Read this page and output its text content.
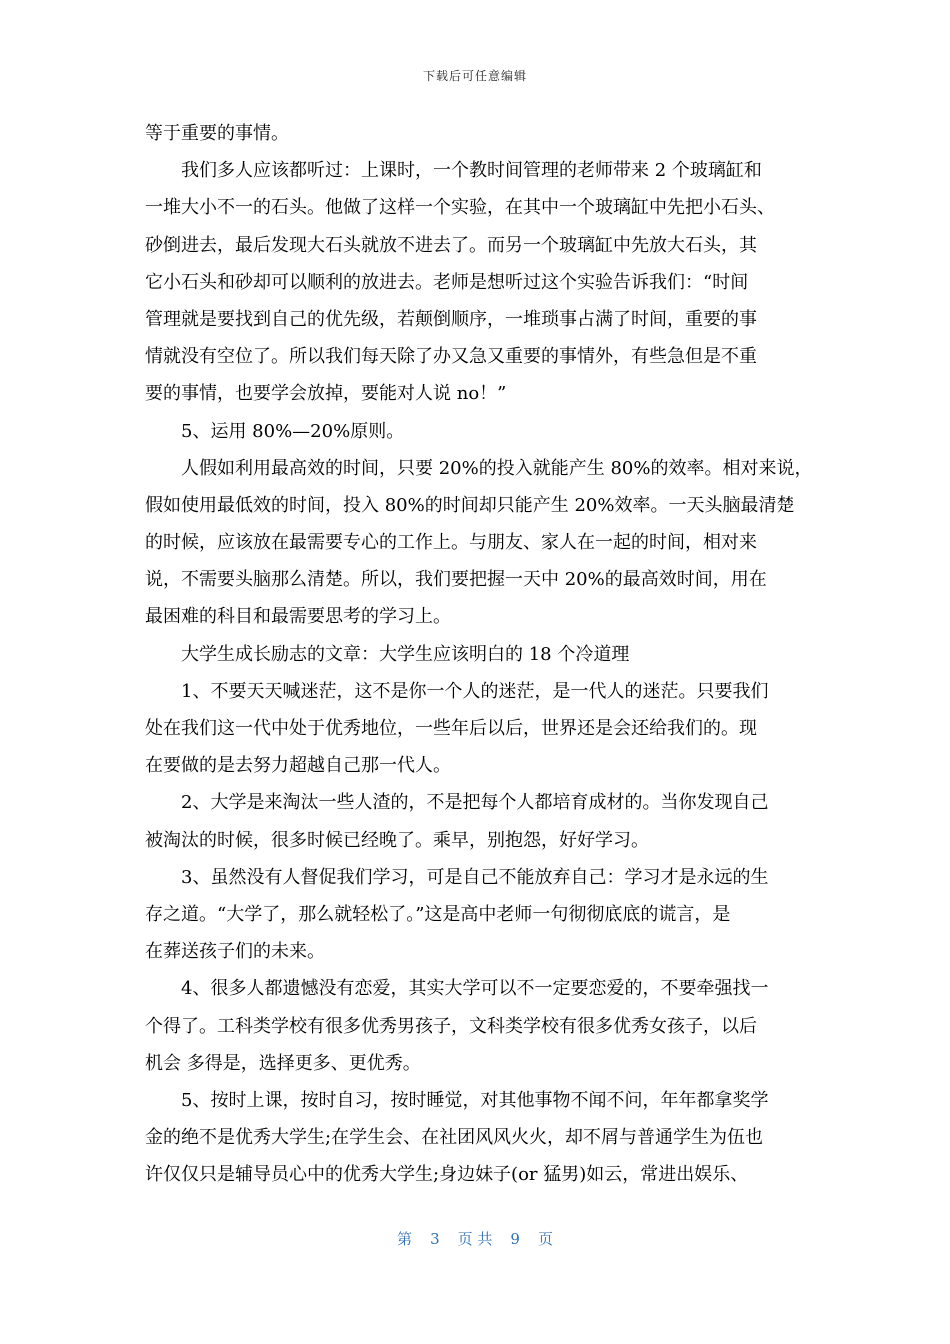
下载后可任意编辑
等于重要的事情。
我们多人应该都听过：上课时，一个教时间管理的老师带来 2 个玻璃缸和
一堆大小不一的石头。他做了这样一个实验，在其中一个玻璃缸中先把小石头、
砂倒进去，最后发现大石头就放不进去了。而另一个玻璃缸中先放大石头，其
它小石头和砂却可以顺利的放进去。老师是想听过这个实验告诉我们：“时间
管理就是要找到自己的优先级，若颠倒顺序，一堆琐事占满了时间，重要的事
情就没有空位了。所以我们每天除了办又急又重要的事情外，有些急但是不重
要的事情，也要学会放掉，要能对人说 no！”
5、运用 80%—20%原则。
人假如利用最高效的时间，只要 20%的投入就能产生 80%的效率。相对来说，
假如使用最低效的时间，投入 80%的时间却只能产生 20%效率。一天头脑最清楚
的时候，应该放在最需要专心的工作上。与朋友、家人在一起的时间，相对来
说，不需要头脑那么清楚。所以，我们要把握一天中 20%的最高效时间，用在
最困难的科目和最需要思考的学习上。
大学生成长励志的文章：大学生应该明白的 18 个冷道理
1、不要天天喊迷茫，这不是你一个人的迷茫，是一代人的迷茫。只要我们
处在我们这一代中处于优秀地位，一些年后以后，世界还是会还给我们的。现
在要做的是去努力超越自己那一代人。
2、大学是来淘汰一些人渣的，不是把每个人都培育成材的。当你发现自己
被淘汰的时候，很多时候已经晚了。乘早，别抱怨，好好学习。
3、虽然没有人督促我们学习，可是自己不能放弃自己：学习才是永远的生
存之道。“大学了，那么就轻松了。”这是高中老师一句彻彻底底的谎言，是
在葬送孩子们的未来。
4、很多人都遗憾没有恋爱，其实大学可以不一定要恋爱的，不要牵强找一
个得了。工科类学校有很多优秀男孩子，文科类学校有很多优秀女孩子，以后
机会 多得是，选择更多、更优秀。
5、按时上课，按时自习，按时睡觉，对其他事物不闻不问，年年都拿奖学
金的绝不是优秀大学生;在学生会、在社团风风火火，却不屑与普通学生为伍也
许仅仅只是辅导员心中的优秀大学生;身边妹子(or 猛男)如云，常进出娱乐、
第 3 页 共 9 页
